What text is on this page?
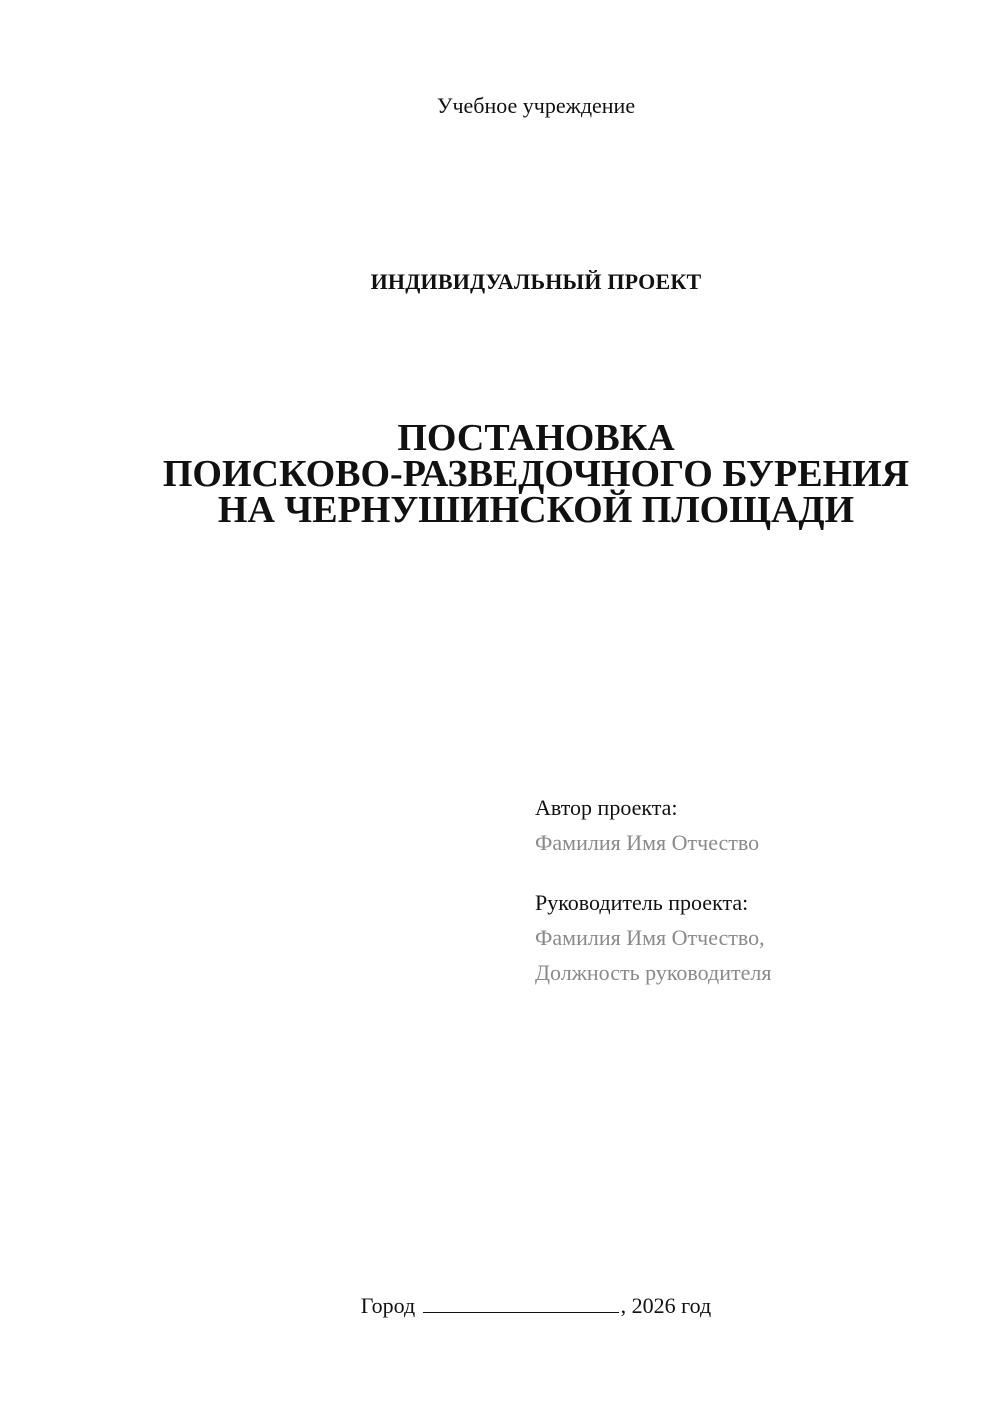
Учебное учреждение
ИНДИВИДУАЛЬНЫЙ ПРОЕКТ
ПОСТАНОВКА
ПОИСКОВО-РАЗВЕДОЧНОГО БУРЕНИЯ
НА ЧЕРНУШИНСКОЙ ПЛОЩАДИ
Автор проекта:
Фамилия Имя Отчество
Руководитель проекта:
Фамилия Имя Отчество,
Должность руководителя
Город	, 2026 год
